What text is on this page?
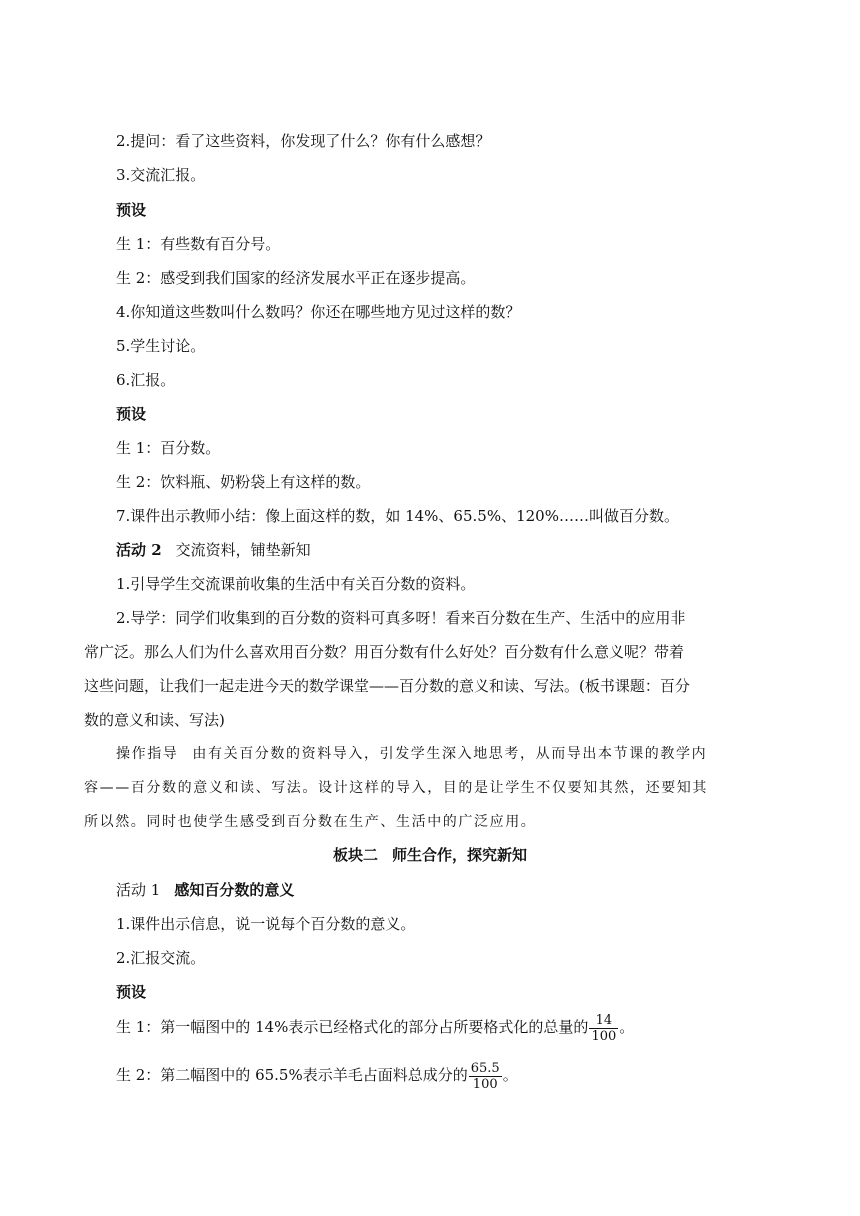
2.提问：看了这些资料，你发现了什么？你有什么感想？
3.交流汇报。
预设
生 1：有些数有百分号。
生 2：感受到我们国家的经济发展水平正在逐步提高。
4.你知道这些数叫什么数吗？你还在哪些地方见过这样的数？
5.学生讨论。
6.汇报。
预设
生 1：百分数。
生 2：饮料瓶、奶粉袋上有这样的数。
7.课件出示教师小结：像上面这样的数，如 14%、65.5%、120%……叫做百分数。
活动 2 交流资料，铺垫新知
1.引导学生交流课前收集的生活中有关百分数的资料。
2.导学：同学们收集到的百分数的资料可真多呀！看来百分数在生产、生活中的应用非
常广泛。那么人们为什么喜欢用百分数？用百分数有什么好处？百分数有什么意义呢？带着
这些问题，让我们一起走进今天的数学课堂——百分数的意义和读、写法。(板书课题：百分
数的意义和读、写法)
操作指导 由有关百分数的资料导入，引发学生深入地思考，从而导出本节课的教学内
容——百分数的意义和读、写法。设计这样的导入，目的是让学生不仅要知其然，还要知其
所以然。同时也使学生感受到百分数在生产、生活中的广泛应用。
板块二 师生合作，探究新知
活动 1 感知百分数的意义
1.课件出示信息，说一说每个百分数的意义。
2.汇报交流。
预设
生 1：第一幅图中的 14%表示已经格式化的部分占所要格式化的总量的 $\frac{14}{100}$ 。
生 2：第二幅图中的 65.5%表示羊毛占面料总成分的 $\frac{65.5}{100}$ 。
